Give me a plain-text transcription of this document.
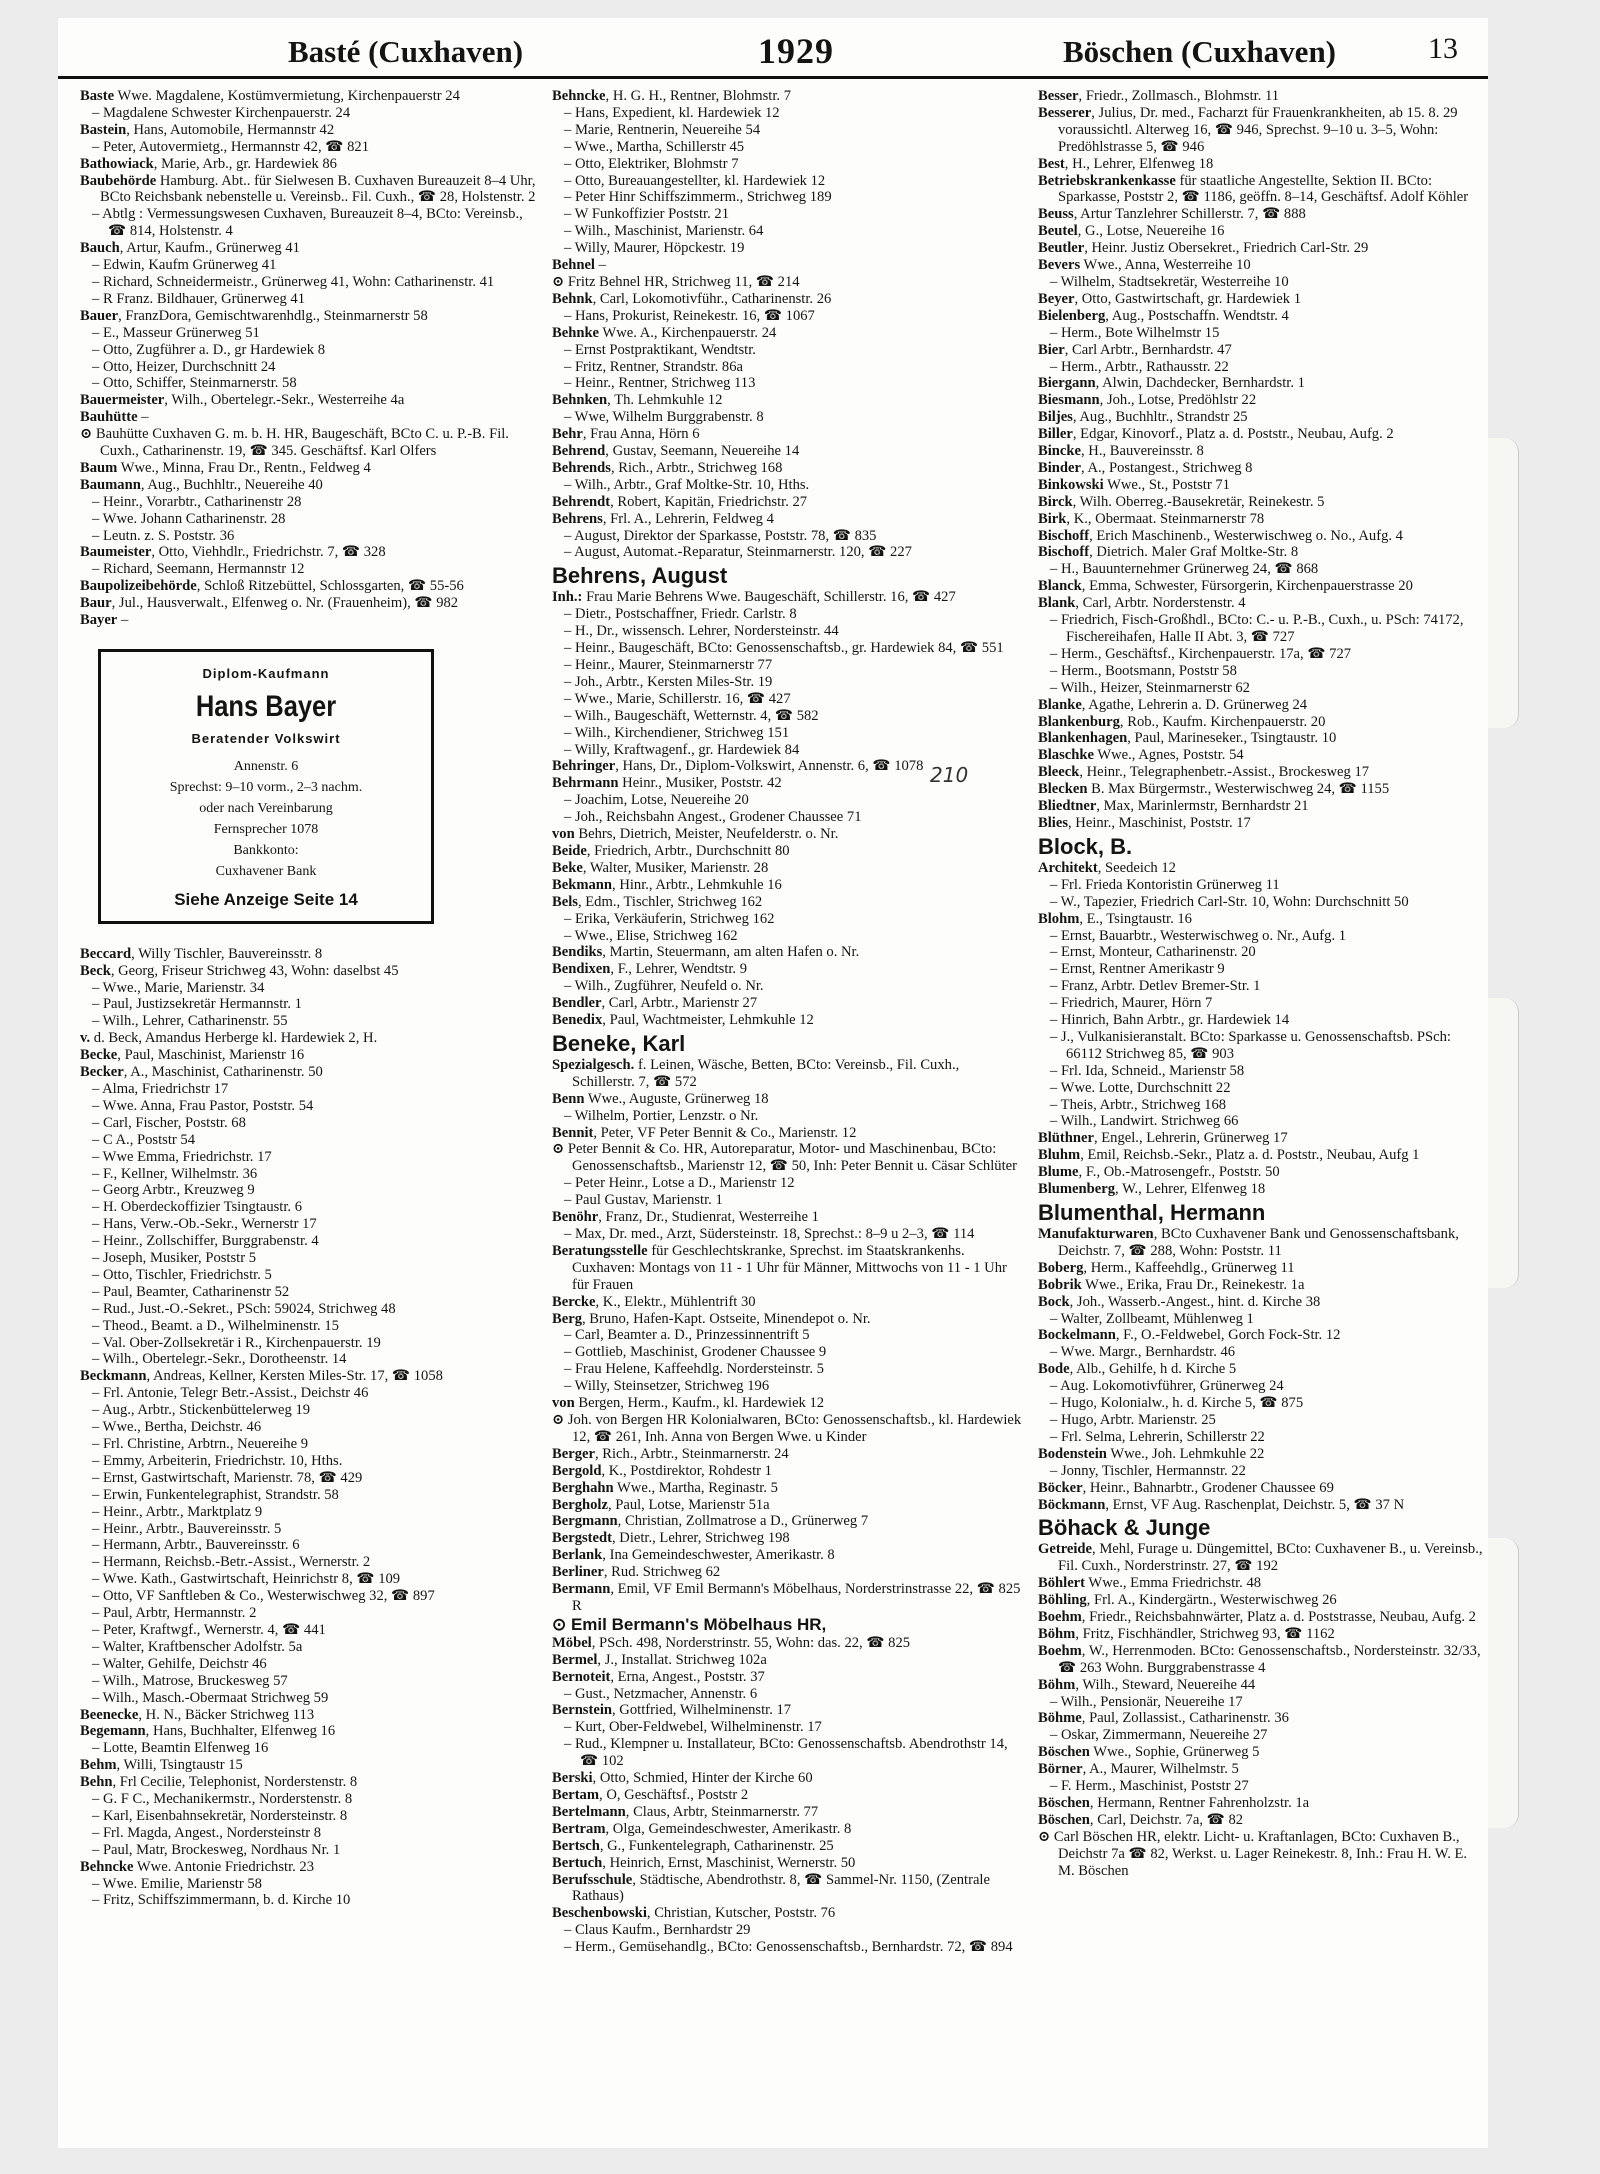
Basté (Cuxhaven)	1929	Böschen (Cuxhaven)	13

Baste Wwe. Magdalene, Kostümvermietung, Kirchenpauerstr 24

– Magdalene Schwester Kirchenpauerstr. 24

Bastein, Hans, Automobile, Hermannstr 42

– Peter, Autovermietg., Hermannstr 42, ☎ 821

Bathowiack, Marie, Arb., gr. Hardewiek 86

Baubehörde Hamburg. Abt.. für Sielwesen B. Cuxhaven Bureauzeit 8–4 Uhr, BCto Reichsbank nebenstelle u. Vereinsb.. Fil. Cuxh., ☎ 28, Holstenstr. 2

– Abtlg : Vermessungswesen Cuxhaven, Bureauzeit 8–4, BCto: Vereinsb., ☎ 814, Holstenstr. 4

Bauch, Artur, Kaufm., Grünerweg 41

– Edwin, Kaufm Grünerweg 41

– Richard, Schneidermeistr., Grünerweg 41, Wohn: Catharinenstr. 41

– R Franz. Bildhauer, Grünerweg 41

Bauer, FranzDora, Gemischtwarenhdlg., Steinmarnerstr 58

– E., Masseur Grünerweg 51

– Otto, Zugführer a. D., gr Hardewiek 8

– Otto, Heizer, Durchschnitt 24

– Otto, Schiffer, Steinmarnerstr. 58

Bauermeister, Wilh., Obertelegr.-Sekr., Westerreihe 4a

Bauhütte –

⊙ Bauhütte Cuxhaven G. m. b. H. HR, Baugeschäft, BCto C. u. P.-B. Fil. Cuxh., Catharinenstr. 19, ☎ 345. Geschäftsf. Karl Olfers

Baum Wwe., Minna, Frau Dr., Rentn., Feldweg 4

Baumann, Aug., Buchhltr., Neuereihe 40

– Heinr., Vorarbtr., Catharinenstr 28

– Wwe. Johann Catharinenstr. 28

– Leutn. z. S. Poststr. 36

Baumeister, Otto, Viehhdlr., Friedrichstr. 7, ☎ 328

– Richard, Seemann, Hermannstr 12

Baupolizeibehörde, Schloß Ritzebüttel, Schlossgarten, ☎ 55-56

Baur, Jul., Hausverwalt., Elfenweg o. Nr. (Frauenheim), ☎ 982

Bayer –

Diplom-Kaufmann
Hans Bayer
Beratender Volkswirt
Annenstr. 6
Sprechst: 9–10 vorm., 2–3 nachm.
oder nach Vereinbarung
Fernsprecher 1078
Bankkonto:
Cuxhavener Bank
Siehe Anzeige Seite 14

Beccard, Willy Tischler, Bauvereinsstr. 8

Beck, Georg, Friseur Strichweg 43, Wohn: daselbst 45

– Wwe., Marie, Marienstr. 34

– Paul, Justizsekretär Hermannstr. 1

– Wilh., Lehrer, Catharinenstr. 55

v. d. Beck, Amandus Herberge kl. Hardewiek 2, H.

Becke, Paul, Maschinist, Marienstr 16

Becker, A., Maschinist, Catharinenstr. 50

– Alma, Friedrichstr 17

– Wwe. Anna, Frau Pastor, Poststr. 54

– Carl, Fischer, Poststr. 68

– C A., Poststr 54

– Wwe Emma, Friedrichstr. 17

– F., Kellner, Wilhelmstr. 36

– Georg Arbtr., Kreuzweg 9

– H. Oberdeckoffizier Tsingtaustr. 6

– Hans, Verw.-Ob.-Sekr., Wernerstr 17

– Heinr., Zollschiffer, Burggrabenstr. 4

– Joseph, Musiker, Poststr 5

– Otto, Tischler, Friedrichstr. 5

– Paul, Beamter, Catharinenstr 52

– Rud., Just.-O.-Sekret., PSch: 59024, Strichweg 48

– Theod., Beamt. a D., Wilhelminenstr. 15

– Val. Ober-Zollsekretär i R., Kirchenpauerstr. 19

– Wilh., Obertelegr.-Sekr., Dorotheenstr. 14

Beckmann, Andreas, Kellner, Kersten Miles-Str. 17, ☎ 1058

– Frl. Antonie, Telegr Betr.-Assist., Deichstr 46

– Aug., Arbtr., Stickenbüttelerweg 19

– Wwe., Bertha, Deichstr. 46

– Frl. Christine, Arbtrn., Neuereihe 9

– Emmy, Arbeiterin, Friedrichstr. 10, Hths.

– Ernst, Gastwirtschaft, Marienstr. 78, ☎ 429

– Erwin, Funkentelegraphist, Strandstr. 58

– Heinr., Arbtr., Marktplatz 9

– Heinr., Arbtr., Bauvereinsstr. 5

– Hermann, Arbtr., Bauvereinsstr. 6

– Hermann, Reichsb.-Betr.-Assist., Wernerstr. 2

– Wwe. Kath., Gastwirtschaft, Heinrichstr 8, ☎ 109

– Otto, VF Sanftleben & Co., Westerwischweg 32, ☎ 897

– Paul, Arbtr, Hermannstr. 2

– Peter, Kraftwgf., Wernerstr. 4, ☎ 441

– Walter, Kraftbenscher Adolfstr. 5a

– Walter, Gehilfe, Deichstr 46

– Wilh., Matrose, Bruckesweg 57

– Wilh., Masch.-Obermaat Strichweg 59

Beenecke, H. N., Bäcker Strichweg 113

Begemann, Hans, Buchhalter, Elfenweg 16

– Lotte, Beamtin Elfenweg 16

Behm, Willi, Tsingtaustr 15

Behn, Frl Cecilie, Telephonist, Norderstenstr. 8

– G. F C., Mechanikermstr., Norderstenstr. 8

– Karl, Eisenbahnsekretär, Nordersteinstr. 8

– Frl. Magda, Angest., Nordersteinstr 8

– Paul, Matr, Brockesweg, Nordhaus Nr. 1

Behncke Wwe. Antonie Friedrichstr. 23

– Wwe. Emilie, Marienstr 58

– Fritz, Schiffszimmermann, b. d. Kirche 10

Behncke, H. G. H., Rentner, Blohmstr. 7

– Hans, Expedient, kl. Hardewiek 12

– Marie, Rentnerin, Neuereihe 54

– Wwe., Martha, Schillerstr 45

– Otto, Elektriker, Blohmstr 7

– Otto, Bureauangestellter, kl. Hardewiek 12

– Peter Hinr Schiffszimmerm., Strichweg 189

– W Funkoffizier Poststr. 21

– Wilh., Maschinist, Marienstr. 64

– Willy, Maurer, Höpckestr. 19

Behnel –

⊙ Fritz Behnel HR, Strichweg 11, ☎ 214

Behnk, Carl, Lokomotivführ., Catharinenstr. 26

– Hans, Prokurist, Reinekestr. 16, ☎ 1067

Behnke Wwe. A., Kirchenpauerstr. 24

– Ernst Postpraktikant, Wendtstr.

– Fritz, Rentner, Strandstr. 86a

– Heinr., Rentner, Strichweg 113

Behnken, Th. Lehmkuhle 12

– Wwe, Wilhelm Burggrabenstr. 8

Behr, Frau Anna, Hörn 6

Behrend, Gustav, Seemann, Neuereihe 14

Behrends, Rich., Arbtr., Strichweg 168

– Wilh., Arbtr., Graf Moltke-Str. 10, Hths.

Behrendt, Robert, Kapitän, Friedrichstr. 27

Behrens, Frl. A., Lehrerin, Feldweg 4

– August, Direktor der Sparkasse, Poststr. 78, ☎ 835

– August, Automat.-Reparatur, Steinmarnerstr. 120, ☎ 227

Behrens, August

Inh.: Frau Marie Behrens Wwe. Baugeschäft, Schillerstr. 16, ☎ 427

– Dietr., Postschaffner, Friedr. Carlstr. 8

– H., Dr., wissensch. Lehrer, Nordersteinstr. 44

– Heinr., Baugeschäft, BCto: Genossenschaftsb., gr. Hardewiek 84, ☎ 551

– Heinr., Maurer, Steinmarnerstr 77

– Joh., Arbtr., Kersten Miles-Str. 19

– Wwe., Marie, Schillerstr. 16, ☎ 427

– Wilh., Baugeschäft, Wetternstr. 4, ☎ 582

– Wilh., Kirchendiener, Strichweg 151

– Willy, Kraftwagenf., gr. Hardewiek 84

Behringer, Hans, Dr., Diplom-Volkswirt, Annenstr. 6, ☎ 1078

Behrmann Heinr., Musiker, Poststr. 42

– Joachim, Lotse, Neuereihe 20

– Joh., Reichsbahn Angest., Grodener Chaussee 71

von Behrs, Dietrich, Meister, Neufelderstr. o. Nr.

Beide, Friedrich, Arbtr., Durchschnitt 80

Beke, Walter, Musiker, Marienstr. 28

Bekmann, Hinr., Arbtr., Lehmkuhle 16

Bels, Edm., Tischler, Strichweg 162

– Erika, Verkäuferin, Strichweg 162

– Wwe., Elise, Strichweg 162

Bendiks, Martin, Steuermann, am alten Hafen o. Nr.

Bendixen, F., Lehrer, Wendtstr. 9

– Wilh., Zugführer, Neufeld o. Nr.

Bendler, Carl, Arbtr., Marienstr 27

Benedix, Paul, Wachtmeister, Lehmkuhle 12

Beneke, Karl

Spezialgesch. f. Leinen, Wäsche, Betten, BCto: Vereinsb., Fil. Cuxh., Schillerstr. 7, ☎ 572

Benn Wwe., Auguste, Grünerweg 18

– Wilhelm, Portier, Lenzstr. o Nr.

Bennit, Peter, VF Peter Bennit & Co., Marienstr. 12

⊙ Peter Bennit & Co. HR, Autoreparatur, Motor- und Maschinenbau, BCto: Genossenschaftsb., Marienstr 12, ☎ 50, Inh: Peter Bennit u. Cäsar Schlüter

– Peter Heinr., Lotse a D., Marienstr 12

– Paul Gustav, Marienstr. 1

Benöhr, Franz, Dr., Studienrat, Westerreihe 1

– Max, Dr. med., Arzt, Südersteinstr. 18, Sprechst.: 8–9 u 2–3, ☎ 114

Beratungsstelle für Geschlechtskranke, Sprechst. im Staatskrankenhs. Cuxhaven: Montags von 11 - 1 Uhr für Männer, Mittwochs von 11 - 1 Uhr für Frauen

Bercke, K., Elektr., Mühlentrift 30

Berg, Bruno, Hafen-Kapt. Ostseite, Minendepot o. Nr.

– Carl, Beamter a. D., Prinzessinnentrift 5

– Gottlieb, Maschinist, Grodener Chaussee 9

– Frau Helene, Kaffeehdlg. Nordersteinstr. 5

– Willy, Steinsetzer, Strichweg 196

von Bergen, Herm., Kaufm., kl. Hardewiek 12

⊙ Joh. von Bergen HR Kolonialwaren, BCto: Genossenschaftsb., kl. Hardewiek 12, ☎ 261, Inh. Anna von Bergen Wwe. u Kinder

Berger, Rich., Arbtr., Steinmarnerstr. 24

Bergold, K., Postdirektor, Rohdestr 1

Berghahn Wwe., Martha, Reginastr. 5

Bergholz, Paul, Lotse, Marienstr 51a

Bergmann, Christian, Zollmatrose a D., Grünerweg 7

Bergstedt, Dietr., Lehrer, Strichweg 198

Berlank, Ina Gemeindeschwester, Amerikastr. 8

Berliner, Rud. Strichweg 62

Bermann, Emil, VF Emil Bermann's Möbelhaus, Norderstrinstrasse 22, ☎ 825 R

⊙ Emil Bermann's Möbelhaus HR,

Möbel, PSch. 498, Norderstrinstr. 55, Wohn: das. 22, ☎ 825

Bermel, J., Installat. Strichweg 102a

Bernoteit, Erna, Angest., Poststr. 37

– Gust., Netzmacher, Annenstr. 6

Bernstein, Gottfried, Wilhelminenstr. 17

– Kurt, Ober-Feldwebel, Wilhelminenstr. 17

– Rud., Klempner u. Installateur, BCto: Genossenschaftsb. Abendrothstr 14, ☎ 102

Berski, Otto, Schmied, Hinter der Kirche 60

Bertam, O, Geschäftsf., Poststr 2

Bertelmann, Claus, Arbtr, Steinmarnerstr. 77

Bertram, Olga, Gemeindeschwester, Amerikastr. 8

Bertsch, G., Funkentelegraph, Catharinenstr. 25

Bertuch, Heinrich, Ernst, Maschinist, Wernerstr. 50

Berufsschule, Städtische, Abendrothstr. 8, ☎ Sammel-Nr. 1150, (Zentrale Rathaus)

Beschenbowski, Christian, Kutscher, Poststr. 76

– Claus Kaufm., Bernhardstr 29

– Herm., Gemüsehandlg., BCto: Genossenschaftsb., Bernhardstr. 72, ☎ 894

Besser, Friedr., Zollmasch., Blohmstr. 11

Besserer, Julius, Dr. med., Facharzt für Frauenkrankheiten, ab 15. 8. 29 voraussichtl. Alterweg 16, ☎ 946, Sprechst. 9–10 u. 3–5, Wohn: Predöhlstrasse 5, ☎ 946

Best, H., Lehrer, Elfenweg 18

Betriebskrankenkasse für staatliche Angestellte, Sektion II. BCto: Sparkasse, Poststr 2, ☎ 1186, geöffn. 8–14, Geschäftsf. Adolf Köhler

Beuss, Artur Tanzlehrer Schillerstr. 7, ☎ 888

Beutel, G., Lotse, Neuereihe 16

Beutler, Heinr. Justiz Obersekret., Friedrich Carl-Str. 29

Bevers Wwe., Anna, Westerreihe 10

– Wilhelm, Stadtsekretär, Westerreihe 10

Beyer, Otto, Gastwirtschaft, gr. Hardewiek 1

Bielenberg, Aug., Postschaffn. Wendtstr. 4

– Herm., Bote Wilhelmstr 15

Bier, Carl Arbtr., Bernhardstr. 47

– Herm., Arbtr., Rathausstr. 22

Biergann, Alwin, Dachdecker, Bernhardstr. 1

Biesmann, Joh., Lotse, Predöhlstr 22

Biljes, Aug., Buchhltr., Strandstr 25

Biller, Edgar, Kinovorf., Platz a. d. Poststr., Neubau, Aufg. 2

Bincke, H., Bauvereinsstr. 8

Binder, A., Postangest., Strichweg 8

Binkowski Wwe., St., Poststr 71

Birck, Wilh. Oberreg.-Bausekretär, Reinekestr. 5

Birk, K., Obermaat. Steinmarnerstr 78

Bischoff, Erich Maschinenb., Westerwischweg o. No., Aufg. 4

Bischoff, Dietrich. Maler Graf Moltke-Str. 8

– H., Bauunternehmer Grünerweg 24, ☎ 868

Blanck, Emma, Schwester, Fürsorgerin, Kirchenpauerstrasse 20

Blank, Carl, Arbtr. Norderstenstr. 4

– Friedrich, Fisch-Großhdl., BCto: C.- u. P.-B., Cuxh., u. PSch: 74172, Fischereihafen, Halle II Abt. 3, ☎ 727

– Herm., Geschäftsf., Kirchenpauerstr. 17a, ☎ 727

– Herm., Bootsmann, Poststr 58

– Wilh., Heizer, Steinmarnerstr 62

Blanke, Agathe, Lehrerin a. D. Grünerweg 24

Blankenburg, Rob., Kaufm. Kirchenpauerstr. 20

Blankenhagen, Paul, Marineseker., Tsingtaustr. 10

Blaschke Wwe., Agnes, Poststr. 54

Bleeck, Heinr., Telegraphenbetr.-Assist., Brockesweg 17

Blecken B. Max Bürgermstr., Westerwischweg 24, ☎ 1155

Bliedtner, Max, Marinlermstr, Bernhardstr 21

Blies, Heinr., Maschinist, Poststr. 17

Block, B.

Architekt, Seedeich 12

– Frl. Frieda Kontoristin Grünerweg 11

– W., Tapezier, Friedrich Carl-Str. 10, Wohn: Durchschnitt 50

Blohm, E., Tsingtaustr. 16

– Ernst, Bauarbtr., Westerwischweg o. Nr., Aufg. 1

– Ernst, Monteur, Catharinenstr. 20

– Ernst, Rentner Amerikastr 9

– Franz, Arbtr. Detlev Bremer-Str. 1

– Friedrich, Maurer, Hörn 7

– Hinrich, Bahn Arbtr., gr. Hardewiek 14

– J., Vulkanisieranstalt. BCto: Sparkasse u. Genossenschaftsb. PSch: 66112 Strichweg 85, ☎ 903

– Frl. Ida, Schneid., Marienstr 58

– Wwe. Lotte, Durchschnitt 22

– Theis, Arbtr., Strichweg 168

– Wilh., Landwirt. Strichweg 66

Blüthner, Engel., Lehrerin, Grünerweg 17

Bluhm, Emil, Reichsb.-Sekr., Platz a. d. Poststr., Neubau, Aufg 1

Blume, F., Ob.-Matrosengefr., Poststr. 50

Blumenberg, W., Lehrer, Elfenweg 18

Blumenthal, Hermann

Manufakturwaren, BCto Cuxhavener Bank und Genossenschaftsbank, Deichstr. 7, ☎ 288, Wohn: Poststr. 11

Boberg, Herm., Kaffeehdlg., Grünerweg 11

Bobrik Wwe., Erika, Frau Dr., Reinekestr. 1a

Bock, Joh., Wasserb.-Angest., hint. d. Kirche 38

– Walter, Zollbeamt, Mühlenweg 1

Bockelmann, F., O.-Feldwebel, Gorch Fock-Str. 12

– Wwe. Margr., Bernhardstr. 46

Bode, Alb., Gehilfe, h d. Kirche 5

– Aug. Lokomotivführer, Grünerweg 24

– Hugo, Kolonialw., h. d. Kirche 5, ☎ 875

– Hugo, Arbtr. Marienstr. 25

– Frl. Selma, Lehrerin, Schillerstr 22

Bodenstein Wwe., Joh. Lehmkuhle 22

– Jonny, Tischler, Hermannstr. 22

Böcker, Heinr., Bahnarbtr., Grodener Chaussee 69

Böckmann, Ernst, VF Aug. Raschenplat, Deichstr. 5, ☎ 37 N

Böhack & Junge

Getreide, Mehl, Furage u. Düngemittel, BCto: Cuxhavener B., u. Vereinsb., Fil. Cuxh., Norderstrinstr. 27, ☎ 192

Böhlert Wwe., Emma Friedrichstr. 48

Böhling, Frl. A., Kindergärtn., Westerwischweg 26

Boehm, Friedr., Reichsbahnwärter, Platz a. d. Poststrasse, Neubau, Aufg. 2

Böhm, Fritz, Fischhändler, Strichweg 93, ☎ 1162

Boehm, W., Herrenmoden. BCto: Genossenschaftsb., Nordersteinstr. 32/33, ☎ 263 Wohn. Burggrabenstrasse 4

Böhm, Wilh., Steward, Neuereihe 44

– Wilh., Pensionär, Neuereihe 17

Böhme, Paul, Zollassist., Catharinenstr. 36

– Oskar, Zimmermann, Neuereihe 27

Böschen Wwe., Sophie, Grünerweg 5

Börner, A., Maurer, Wilhelmstr. 5

– F. Herm., Maschinist, Poststr 27

Böschen, Hermann, Rentner Fahrenholzstr. 1a

Böschen, Carl, Deichstr. 7a, ☎ 82

⊙ Carl Böschen HR, elektr. Licht- u. Kraftanlagen, BCto: Cuxhaven B., Deichstr 7a ☎ 82, Werkst. u. Lager Reinekestr. 8, Inh.: Frau H. W. E. M. Böschen

210
